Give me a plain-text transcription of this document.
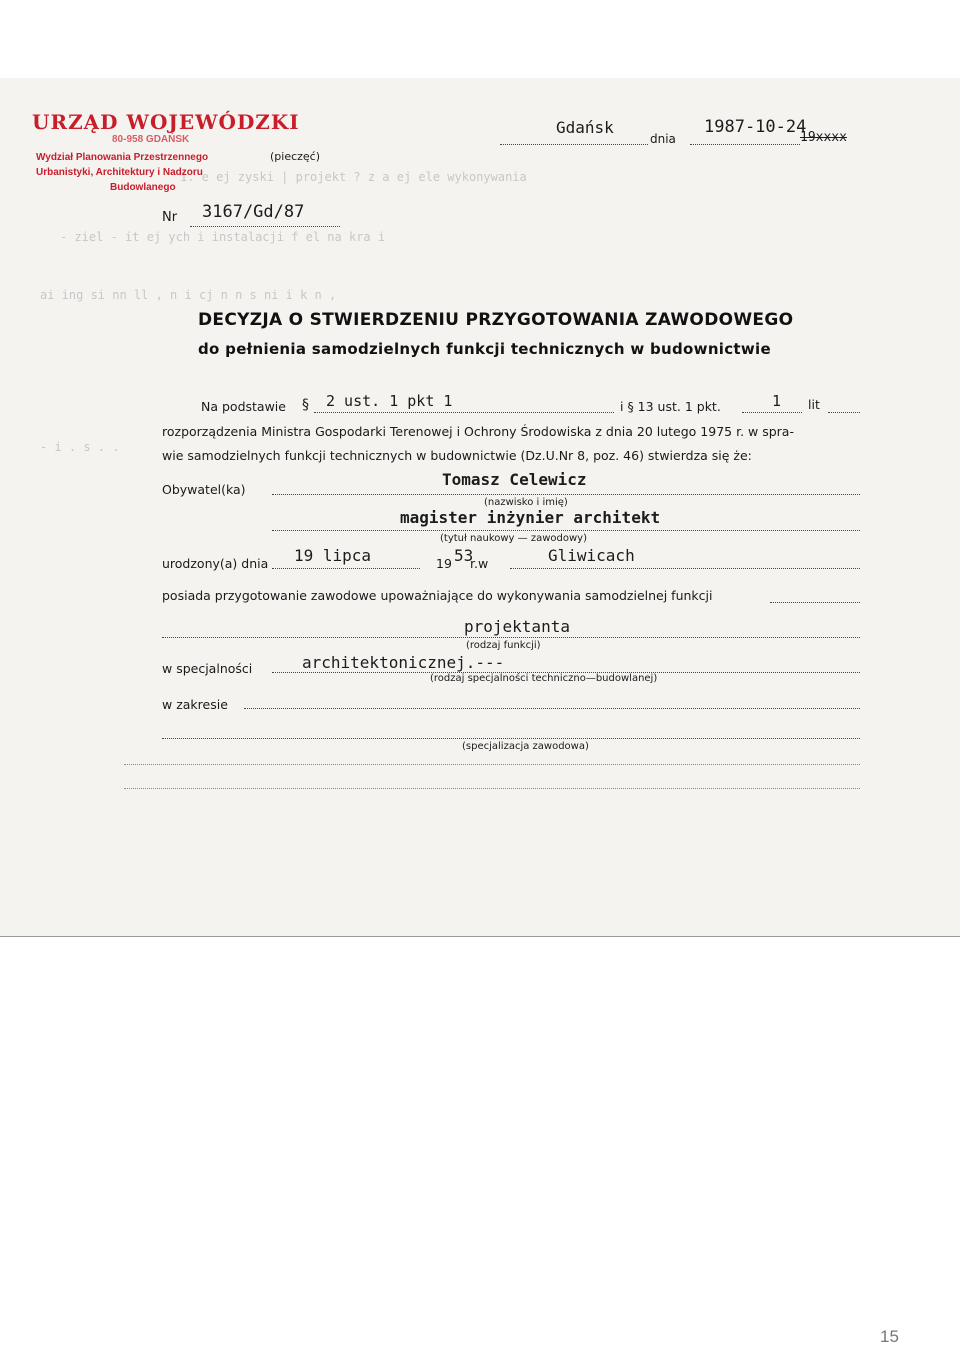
1. e ej zyski | projekt ? z a ej ele wykonywania
- ziel - it ej ych i instalacji f el na kra i
ai ing si nn ll , n i cj n n s ni i k n ,
- i . s . .
URZĄD WOJEWÓDZKI
80-958 GDAŃSK
Wydział Planowania Przestrzennego
Urbanistyki, Architektury i Nadzoru
Budowlanego
(pieczęć)
Gdańsk
dnia
1987-10-24
19xxxx
Nr 3167/Gd/87
DECYZJA O STWIERDZENIU PRZYGOTOWANIA ZAWODOWEGO
do pełnienia samodzielnych funkcji technicznych w budownictwie
Na podstawie § 2 ust. 1 pkt 1	i § 13 ust. 1 pkt.	1 lit
rozporządzenia Ministra Gospodarki Terenowej i Ochrony Środowiska z dnia 20 lutego 1975 r. w spra-
wie samodzielnych funkcji technicznych w budownictwie (Dz.U.Nr 8, poz. 46) stwierdza się że:
Obywatel(ka)
Tomasz Celewicz
(nazwisko i imię)
magister inżynier architekt
(tytuł naukowy — zawodowy)
urodzony(a) dnia 19 lipca	19 53
r.w	Gliwicach
posiada przygotowanie zawodowe upoważniające do wykonywania samodzielnej funkcji
projektanta
(rodzaj funkcji)
w specjalności	architektonicznej.---
(rodzaj specjalności techniczno—budowlanej)
w zakresie
(specjalizacja zawodowa)
15
